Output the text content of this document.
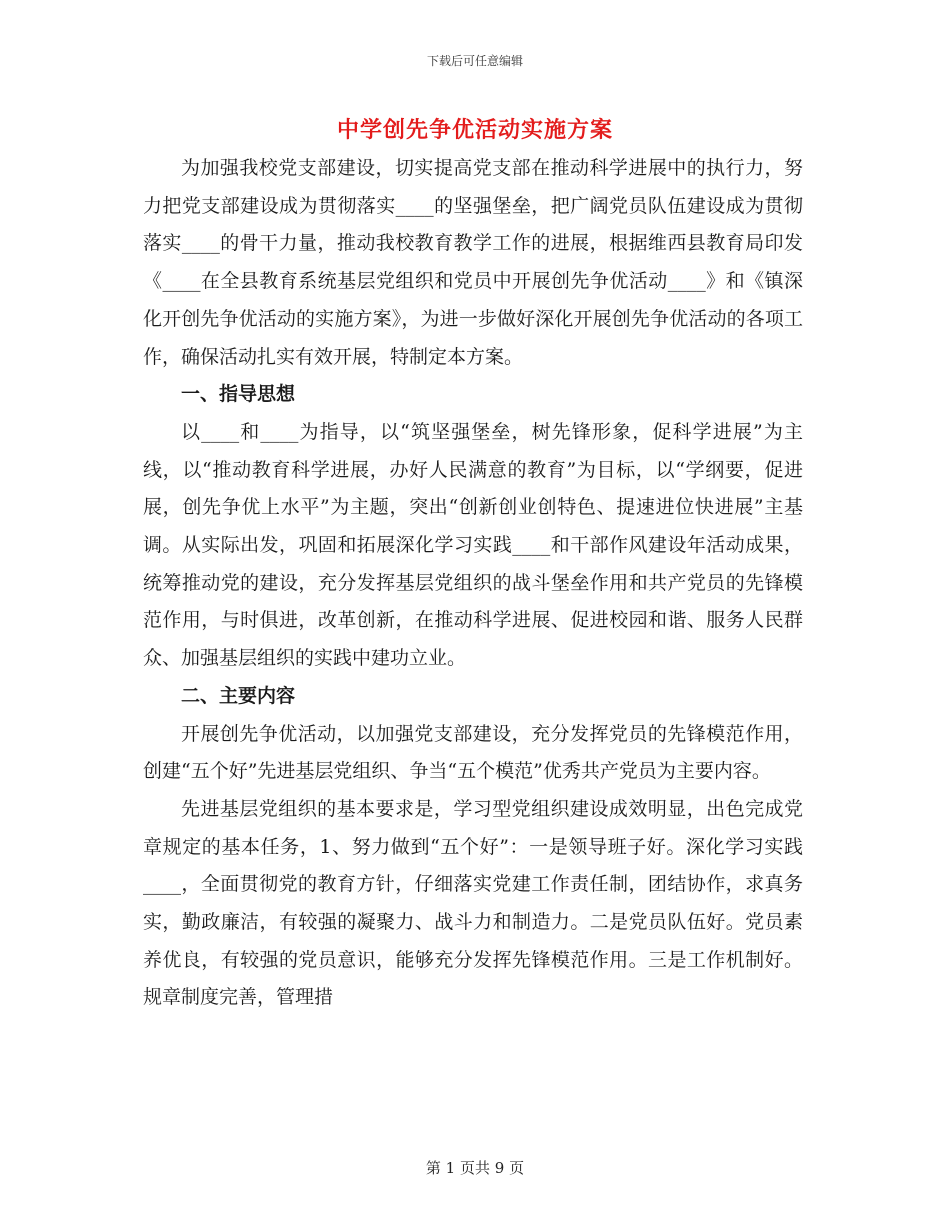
下载后可任意编辑
中学创先争优活动实施方案

为加强我校党支部建设，切实提高党支部在推动科学进展中的执行力，努力把党支部建设成为贯彻落实____的坚强堡垒，把广阔党员队伍建设成为贯彻落实____的骨干力量，推动我校教育教学工作的进展，根据维西县教育局印发《____在全县教育系统基层党组织和党员中开展创先争优活动____》和《镇深化开创先争优活动的实施方案》，为进一步做好深化开展创先争优活动的各项工作，确保活动扎实有效开展，特制定本方案。

一、指导思想

以____和____为指导，以“筑坚强堡垒，树先锋形象，促科学进展”为主线，以“推动教育科学进展，办好人民满意的教育”为目标，以“学纲要，促进展，创先争优上水平”为主题，突出“创新创业创特色、提速进位快进展”主基调。从实际出发，巩固和拓展深化学习实践____和干部作风建设年活动成果，统筹推动党的建设，充分发挥基层党组织的战斗堡垒作用和共产党员的先锋模范作用，与时俱进，改革创新，在推动科学进展、促进校园和谐、服务人民群众、加强基层组织的实践中建功立业。

二、主要内容

开展创先争优活动，以加强党支部建设，充分发挥党员的先锋模范作用，创建“五个好”先进基层党组织、争当“五个模范”优秀共产党员为主要内容。

先进基层党组织的基本要求是，学习型党组织建设成效明显，出色完成党章规定的基本任务，1、努力做到“五个好”：一是领导班子好。深化学习实践____，全面贯彻党的教育方针，仔细落实党建工作责任制，团结协作，求真务实，勤政廉洁，有较强的凝聚力、战斗力和制造力。二是党员队伍好。党员素养优良，有较强的党员意识，能够充分发挥先锋模范作用。三是工作机制好。规章制度完善，管理措

第 1 页共 9 页
